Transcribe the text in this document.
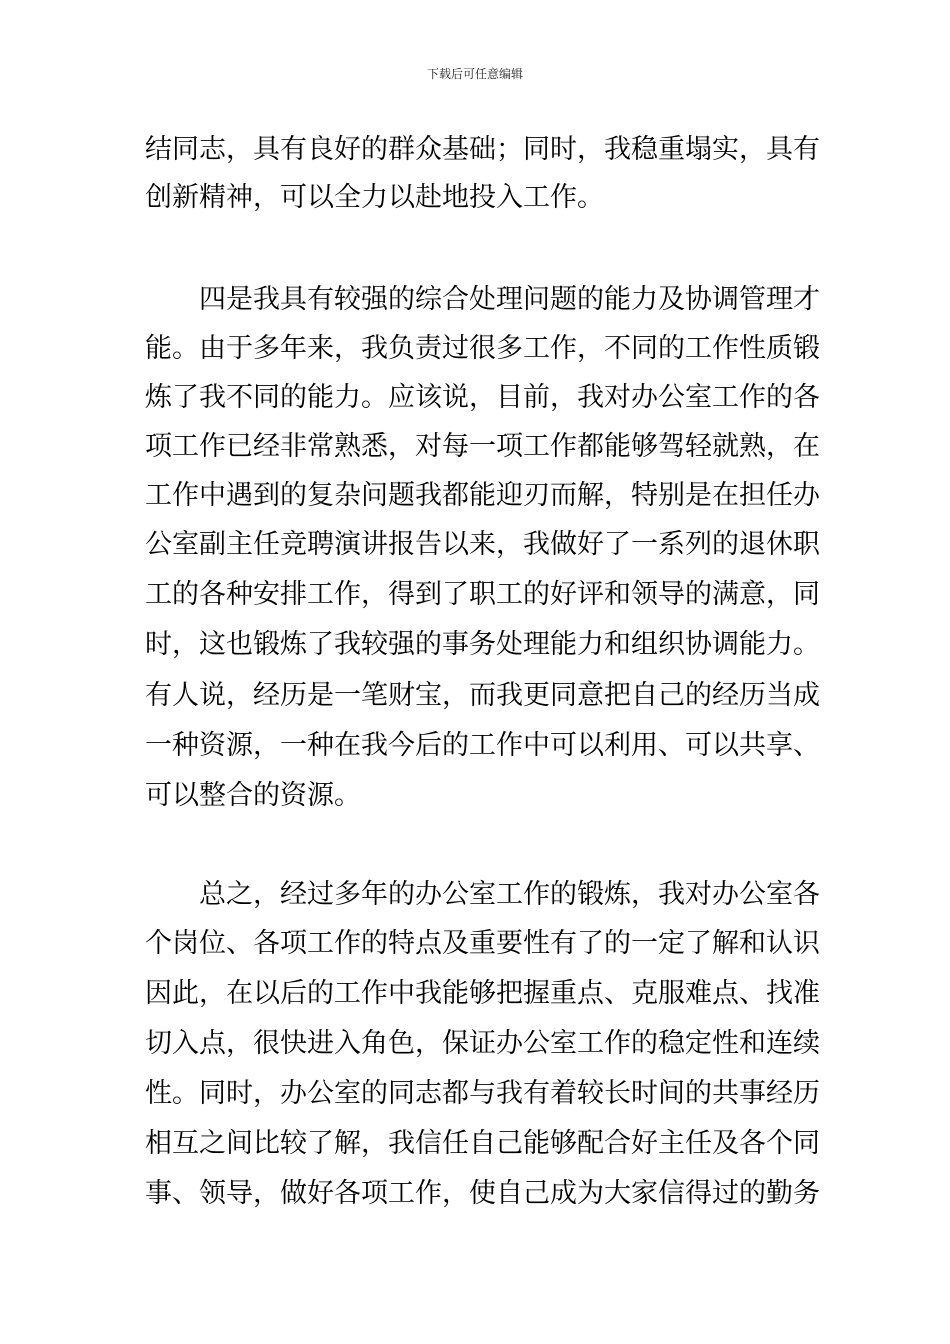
下载后可任意编辑
结同志，具有良好的群众基础；同时，我稳重塌实，具有
创新精神，可以全力以赴地投入工作。
四是我具有较强的综合处理问题的能力及协调管理才
能。由于多年来，我负责过很多工作，不同的工作性质锻
炼了我不同的能力。应该说，目前，我对办公室工作的各
项工作已经非常熟悉，对每一项工作都能够驾轻就熟，在
工作中遇到的复杂问题我都能迎刃而解，特别是在担任办
公室副主任竞聘演讲报告以来，我做好了一系列的退休职
工的各种安排工作，得到了职工的好评和领导的满意，同
时，这也锻炼了我较强的事务处理能力和组织协调能力。
有人说，经历是一笔财宝，而我更同意把自己的经历当成
一种资源，一种在我今后的工作中可以利用、可以共享、
可以整合的资源。
总之，经过多年的办公室工作的锻炼，我对办公室各
个岗位、各项工作的特点及重要性有了的一定了解和认识
因此，在以后的工作中我能够把握重点、克服难点、找准
切入点，很快进入角色，保证办公室工作的稳定性和连续
性。同时，办公室的同志都与我有着较长时间的共事经历
相互之间比较了解，我信任自己能够配合好主任及各个同
事、领导，做好各项工作，使自己成为大家信得过的勤务
